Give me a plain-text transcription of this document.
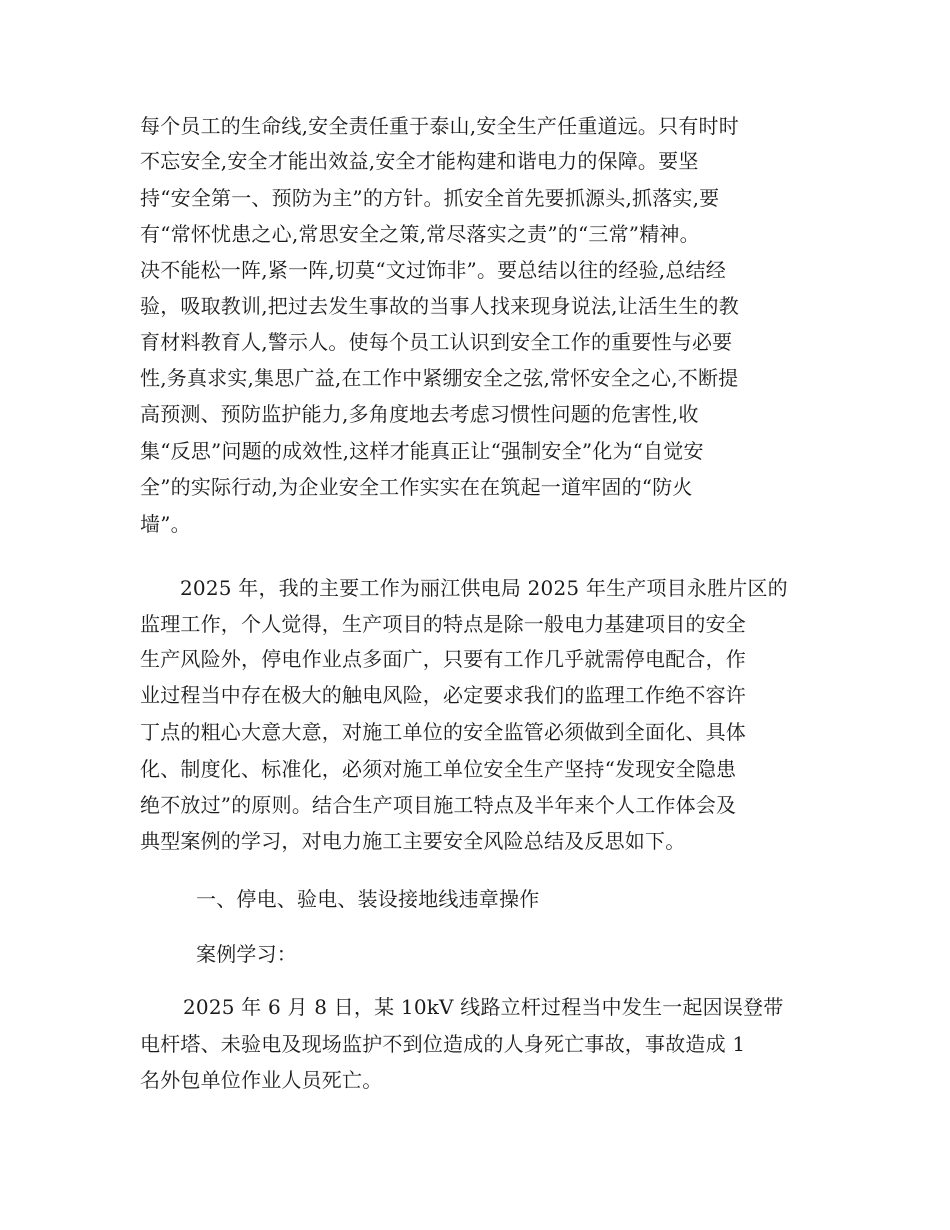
每个员工的生命线,安全责任重于泰山,安全生产任重道远。只有时时
不忘安全,安全才能出效益,安全才能构建和谐电力的保障。要坚
持“安全第一、预防为主”的方针。抓安全首先要抓源头,抓落实,要
有“常怀忧患之心,常思安全之策,常尽落实之责”的“三常”精神。
决不能松一阵,紧一阵,切莫“文过饰非”。要总结以往的经验,总结经
验，吸取教训,把过去发生事故的当事人找来现身说法,让活生生的教
育材料教育人,警示人。使每个员工认识到安全工作的重要性与必要
性,务真求实,集思广益,在工作中紧绷安全之弦,常怀安全之心,不断提
高预测、预防监护能力,多角度地去考虑习惯性问题的危害性,收
集“反思”问题的成效性,这样才能真正让“强制安全”化为“自觉安
全”的实际行动,为企业安全工作实实在在筑起一道牢固的“防火
墙”。
2025 年，我的主要工作为丽江供电局 2025 年生产项目永胜片区的
监理工作，个人觉得，生产项目的特点是除一般电力基建项目的安全
生产风险外，停电作业点多面广，只要有工作几乎就需停电配合，作
业过程当中存在极大的触电风险，必定要求我们的监理工作绝不容许
丁点的粗心大意大意，对施工单位的安全监管必须做到全面化、具体
化、制度化、标准化，必须对施工单位安全生产坚持“发现安全隐患
绝不放过”的原则。结合生产项目施工特点及半年来个人工作体会及
典型案例的学习，对电力施工主要安全风险总结及反思如下。
一、停电、验电、装设接地线违章操作
案例学习：
2025 年 6 月 8 日，某 10kV 线路立杆过程当中发生一起因误登带
电杆塔、未验电及现场监护不到位造成的人身死亡事故，事故造成 1
名外包单位作业人员死亡。
